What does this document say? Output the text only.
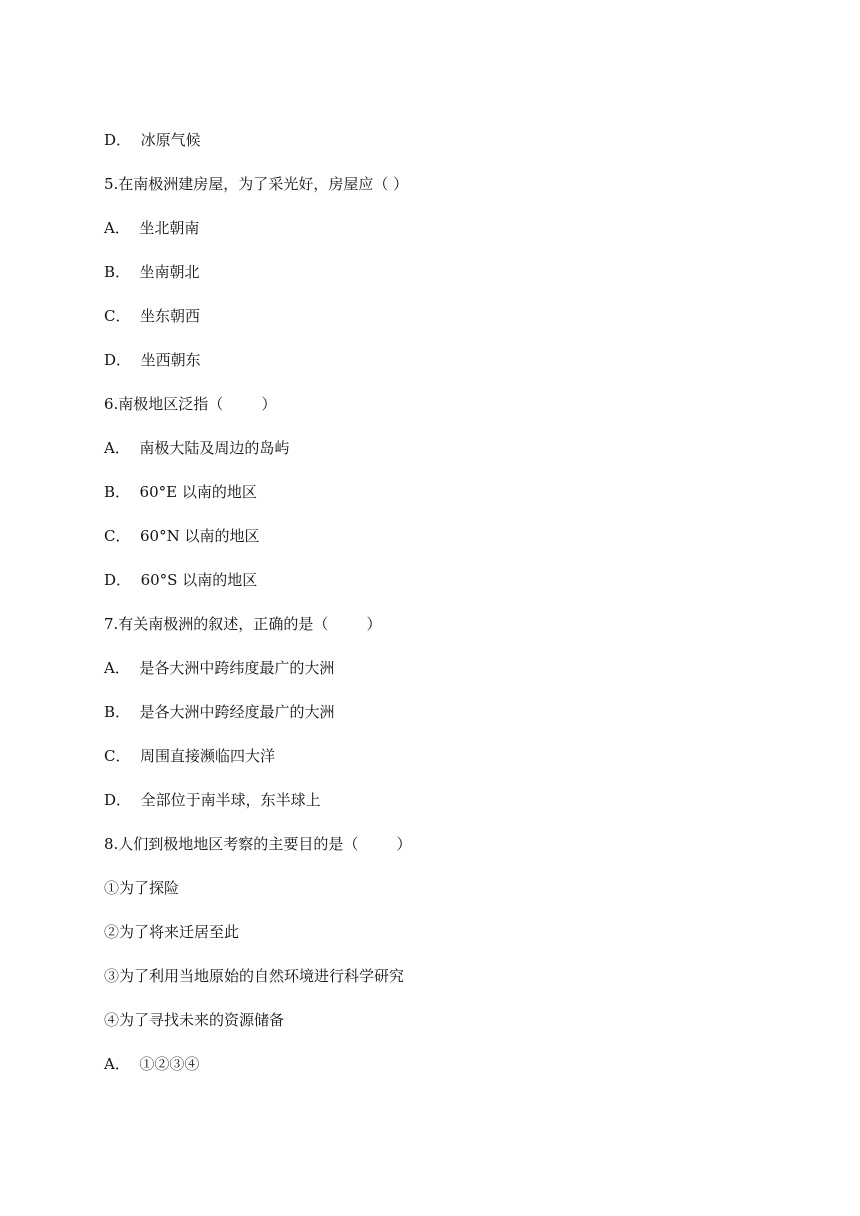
D．  冰原气候
5.在南极洲建房屋，为了采光好，房屋应（ ）
A．  坐北朝南
B．  坐南朝北
C．  坐东朝西
D．  坐西朝东
6.南极地区泛指（        ）
A．  南极大陆及周边的岛屿
B．  60°E 以南的地区
C．  60°N 以南的地区
D．  60°S 以南的地区
7.有关南极洲的叙述，正确的是（        ）
A．  是各大洲中跨纬度最广的大洲
B．  是各大洲中跨经度最广的大洲
C．  周围直接濒临四大洋
D．  全部位于南半球，东半球上
8.人们到极地地区考察的主要目的是（        ）
①为了探险
②为了将来迁居至此
③为了利用当地原始的自然环境进行科学研究
④为了寻找未来的资源储备
A．  ①②③④
